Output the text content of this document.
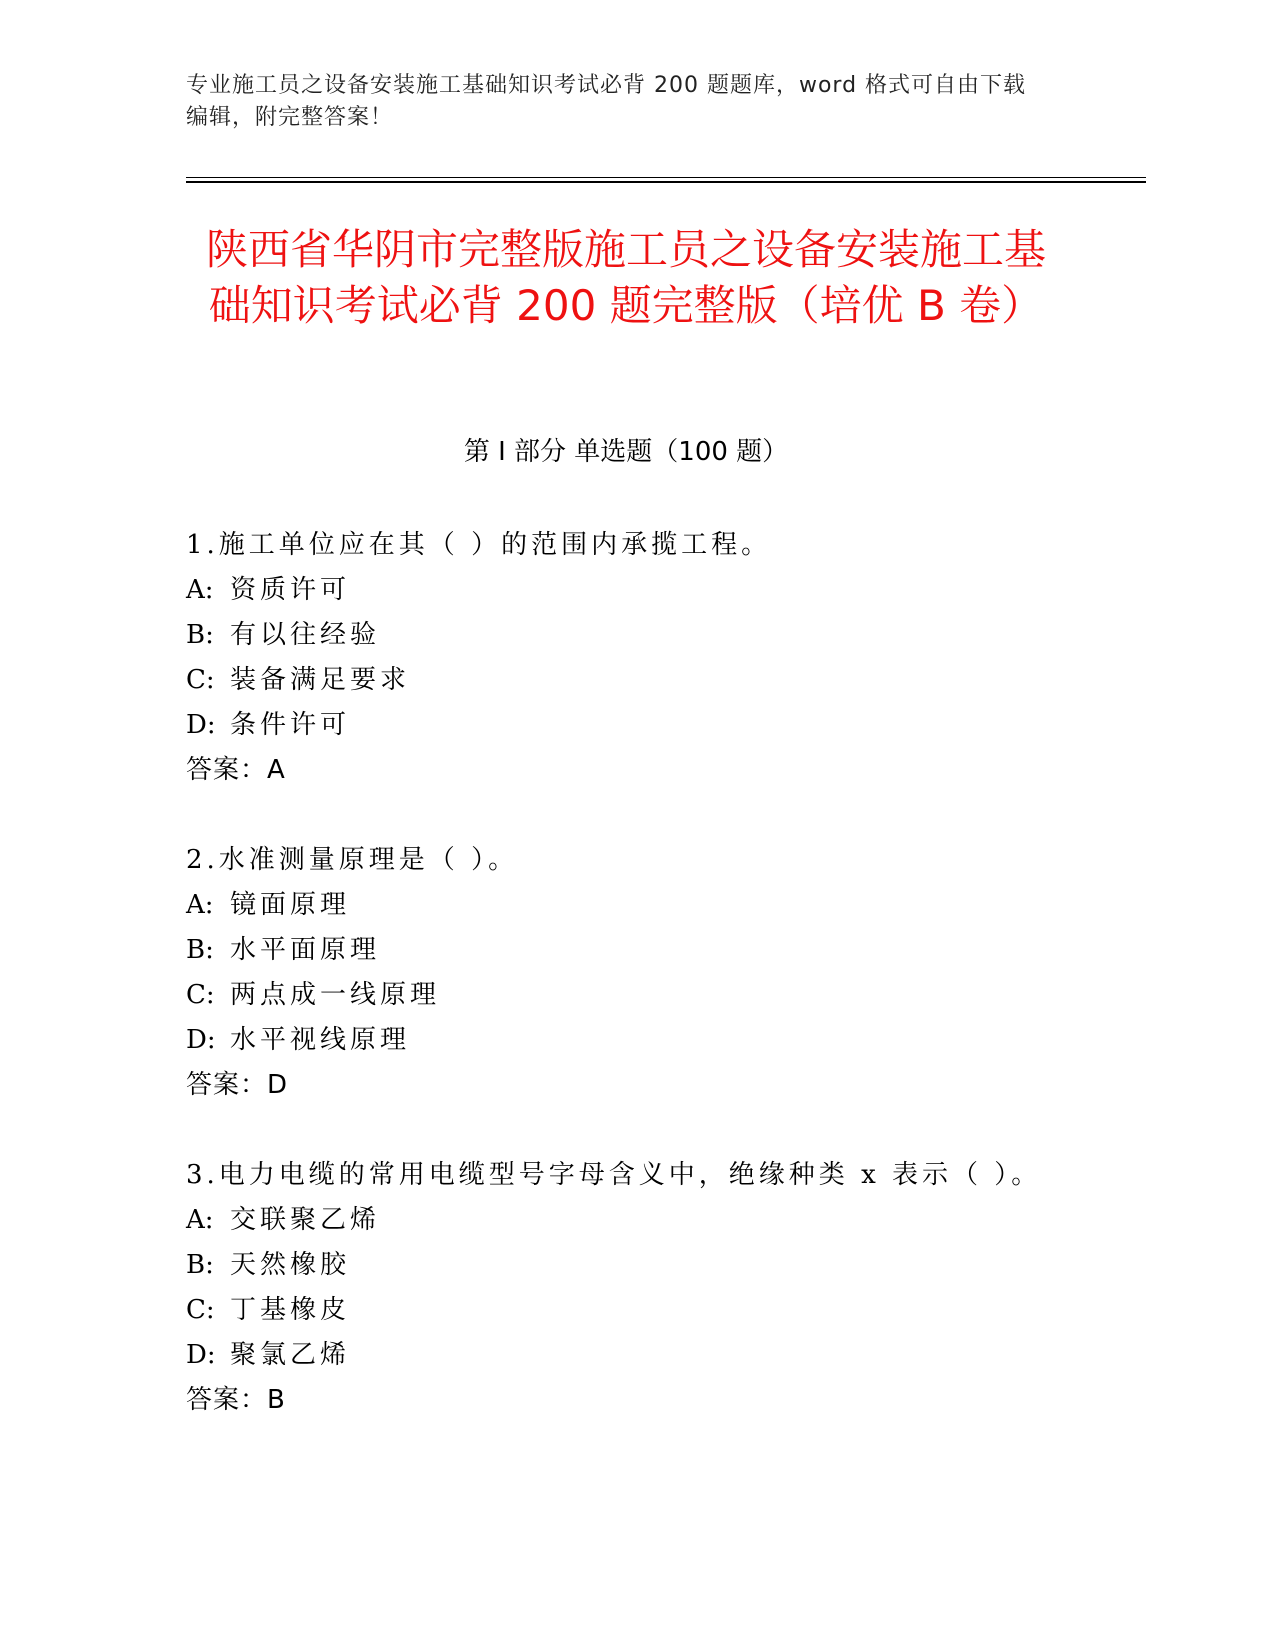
专业施工员之设备安装施工基础知识考试必背 200 题题库，word 格式可自由下载
编辑，附完整答案！
陕西省华阴市完整版施工员之设备安装施工基础知识考试必背 200 题完整版（培优 B 卷）
第 I 部分 单选题（100 题）
1.施工单位应在其（ ）的范围内承揽工程。
A: 资质许可
B: 有以往经验
C: 装备满足要求
D: 条件许可
答案：A
2.水准测量原理是（ ）。
A: 镜面原理
B: 水平面原理
C: 两点成一线原理
D: 水平视线原理
答案：D
3.电力电缆的常用电缆型号字母含义中，绝缘种类 x 表示（ ）。
A: 交联聚乙烯
B: 天然橡胶
C: 丁基橡皮
D: 聚氯乙烯
答案：B
